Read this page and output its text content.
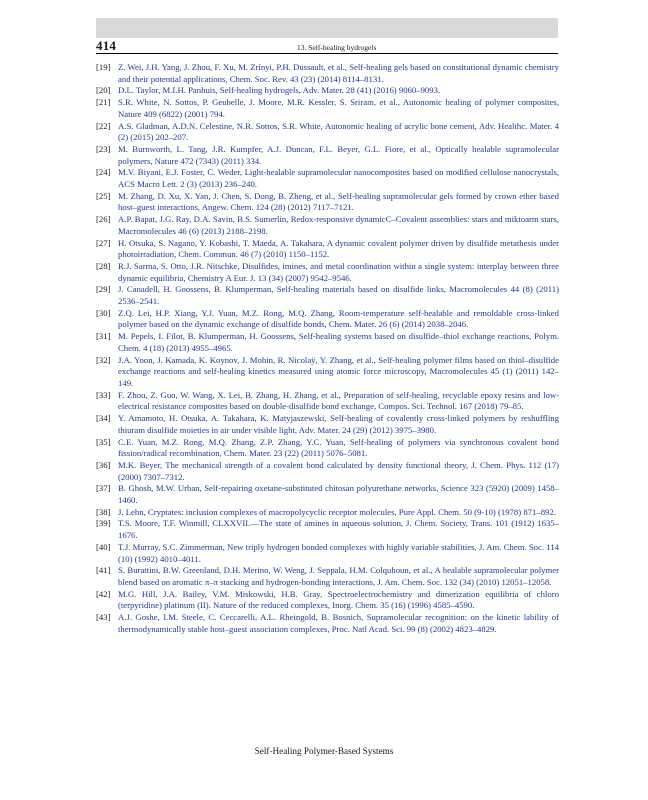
414	13. Self-healing hydrogels
[19] Z. Wei, J.H. Yang, J. Zhou, F. Xu, M. Zrínyi, P.H. Dussault, et al., Self-healing gels based on constitutional dynamic chemistry and their potential applications, Chem. Soc. Rev. 43 (23) (2014) 8114–8131.
[20] D.L. Taylor, M.I.H. Panhuis, Self-healing hydrogels, Adv. Mater. 28 (41) (2016) 9060–9093.
[21] S.R. White, N. Sottos, P. Geubelle, J. Moore, M.R. Kessler, S. Sriram, et al., Autonomic healing of polymer composites, Nature 409 (6822) (2001) 794.
[22] A.S. Gladman, A.D.N. Celestine, N.R. Sottos, S.R. White, Autonomic healing of acrylic bone cement, Adv. Healthc. Mater. 4 (2) (2015) 202–207.
[23] M. Burnworth, L. Tang, J.R. Kumpfer, A.J. Duncan, F.L. Beyer, G.L. Fiore, et al., Optically healable supramolecular polymers, Nature 472 (7343) (2011) 334.
[24] M.V. Biyani, E.J. Foster, C. Weder, Light-healable supramolecular nanocomposites based on modified cellulose nanocrystals, ACS Macro Lett. 2 (3) (2013) 236–240.
[25] M. Zhang, D. Xu, X. Yan, J. Chen, S. Dong, B. Zheng, et al., Self-healing supramolecular gels formed by crown ether based host–guest interactions, Angew. Chem. 124 (28) (2012) 7117–7121.
[26] A.P. Bapat, J.G. Ray, D.A. Savin, B.S. Sumerlin, Redox-responsive dynamicC–Covalent assemblies: stars and miktoarm stars, Macromolecules 46 (6) (2013) 2188–2198.
[27] H. Otsuka, S. Nagano, Y. Kobashi, T. Maeda, A. Takahara, A dynamic covalent polymer driven by disulfide metathesis under photoirradiation, Chem. Commun. 46 (7) (2010) 1150–1152.
[28] R.J. Sarma, S. Otto, J.R. Nitschke, Disulfides, imines, and metal coordination within a single system: interplay between three dynamic equilibria, Chemistry A Eur. J. 13 (34) (2007) 9542–9546.
[29] J. Canadell, H. Goossens, B. Klumperman, Self-healing materials based on disulfide links, Macromolecules 44 (8) (2011) 2536–2541.
[30] Z.Q. Lei, H.P. Xiang, Y.J. Yuan, M.Z. Rong, M.Q. Zhang, Room-temperature self-healable and remoldable cross-linked polymer based on the dynamic exchange of disulfide bonds, Chem. Mater. 26 (6) (2014) 2038–2046.
[31] M. Pepels, I. Filot, B. Klumperman, H. Goossens, Self-healing systems based on disulfide–thiol exchange reactions, Polym. Chem. 4 (18) (2013) 4955–4965.
[32] J.A. Yoon, J. Kamada, K. Koynov, J. Mohin, R. Nicolaÿ, Y. Zhang, et al., Self-healing polymer films based on thiol–disulfide exchange reactions and self-healing kinetics measured using atomic force microscopy, Macromolecules 45 (1) (2011) 142–149.
[33] F. Zhou, Z. Guo, W. Wang, X. Lei, B. Zhang, H. Zhang, et al., Preparation of self-healing, recyclable epoxy resins and low-electrical resistance composites based on double-disulfide bond exchange, Compos. Sci. Technol. 167 (2018) 79–85.
[34] Y. Amamoto, H. Otsuka, A. Takahara, K. Matyjaszewski, Self-healing of covalently cross-linked polymers by reshuffling thiuram disulfide moieties in air under visible light, Adv. Mater. 24 (29) (2012) 3975–3980.
[35] C.E. Yuan, M.Z. Rong, M.Q. Zhang, Z.P. Zhang, Y.C. Yuan, Self-healing of polymers via synchronous covalent bond fission/radical recombination, Chem. Mater. 23 (22) (2011) 5076–5081.
[36] M.K. Beyer, The mechanical strength of a covalent bond calculated by density functional theory, J. Chem. Phys. 112 (17) (2000) 7307–7312.
[37] B. Ghosh, M.W. Urban, Self-repairing oxetane-substituted chitosan polyurethane networks, Science 323 (5920) (2009) 1458–1460.
[38] J. Lehn, Cryptates: inclusion complexes of macropolycyclic receptor molecules, Pure Appl. Chem. 50 (9-10) (1978) 871–892.
[39] T.S. Moore, T.F. Winmill, CLXXVII.—The state of amines in aqueous solution, J. Chem. Society, Trans. 101 (1912) 1635–1676.
[40] T.J. Murray, S.C. Zimmerman, New triply hydrogen bonded complexes with highly variable stabilities, J. Am. Chem. Soc. 114 (10) (1992) 4010–4011.
[41] S. Burattini, B.W. Greenland, D.H. Merino, W. Weng, J. Seppala, H.M. Colquhoun, et al., A healable supramolecular polymer blend based on aromatic π–π stacking and hydrogen-bonding interactions, J. Am. Chem. Soc. 132 (34) (2010) 12051–12058.
[42] M.G. Hill, J.A. Bailey, V.M. Miskowski, H.B. Gray, Spectroelectrochemistry and dimerization equilibria of chloro (terpyridine) platinum (II). Nature of the reduced complexes, Inorg. Chem. 35 (16) (1996) 4585–4590.
[43] A.J. Goshe, I.M. Steele, C. Ceccarelli, A.L. Rheingold, B. Bosnich, Supramolecular recognition: on the kinetic lability of thermodynamically stable host–guest association complexes, Proc. Natl Acad. Sci. 99 (8) (2002) 4823–4829.
Self-Healing Polymer-Based Systems
